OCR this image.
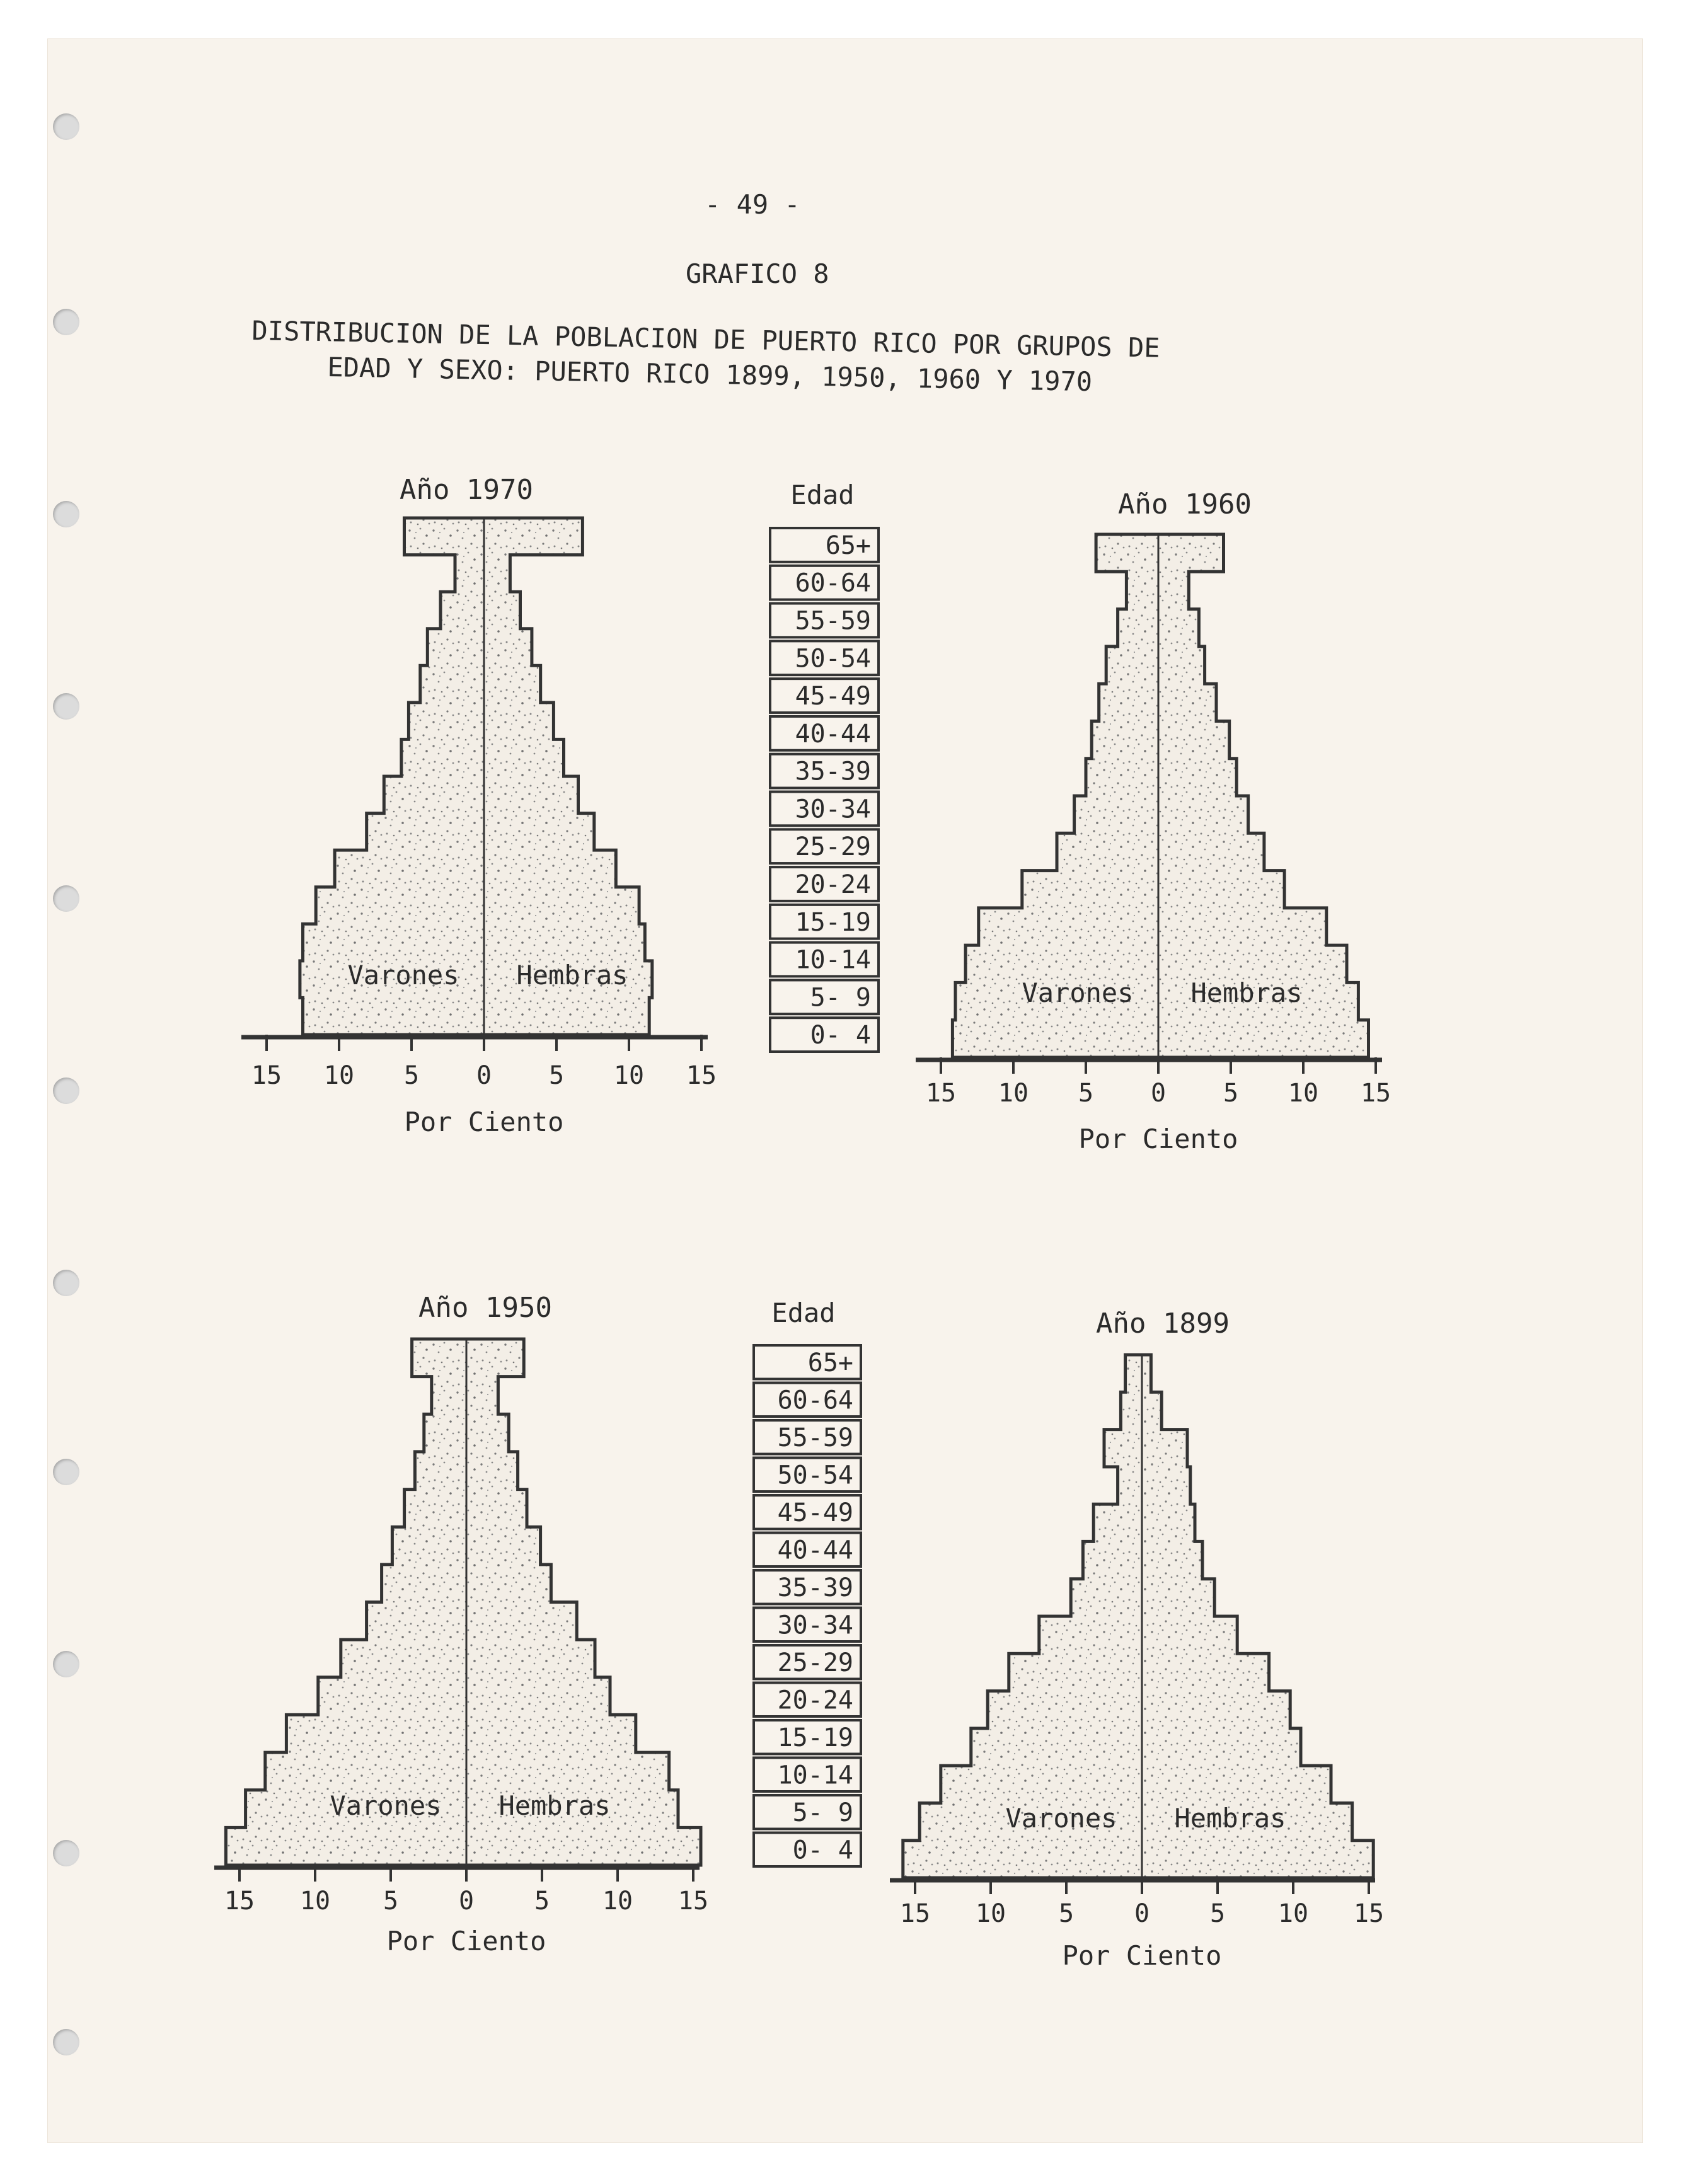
- 49 -
GRAFICO 8
DISTRIBUCION DE LA POBLACION DE PUERTO RICO POR GRUPOS DE
EDAD Y SEXO: PUERTO RICO 1899, 1950, 1960 Y 1970
15 10 5 0 5 10 15
Año 1970
Varones Hembras
Por Ciento
15 10 5 0 5 10 15
Año 1960
Varones Hembras
Por Ciento
15 10 5 0 5 10 15
Año 1950
Varones Hembras
Por Ciento
15 10 5 0 5 10 15
Año 1899
Varones Hembras
Por Ciento
Edad
65+
60-64
55-59
50-54
45-49
40-44
35-39
30-34
25-29
20-24
15-19
10-14
5- 9
0- 4
Edad
65+
60-64
55-59
50-54
45-49
40-44
35-39
30-34
25-29
20-24
15-19
10-14
5- 9
0- 4
